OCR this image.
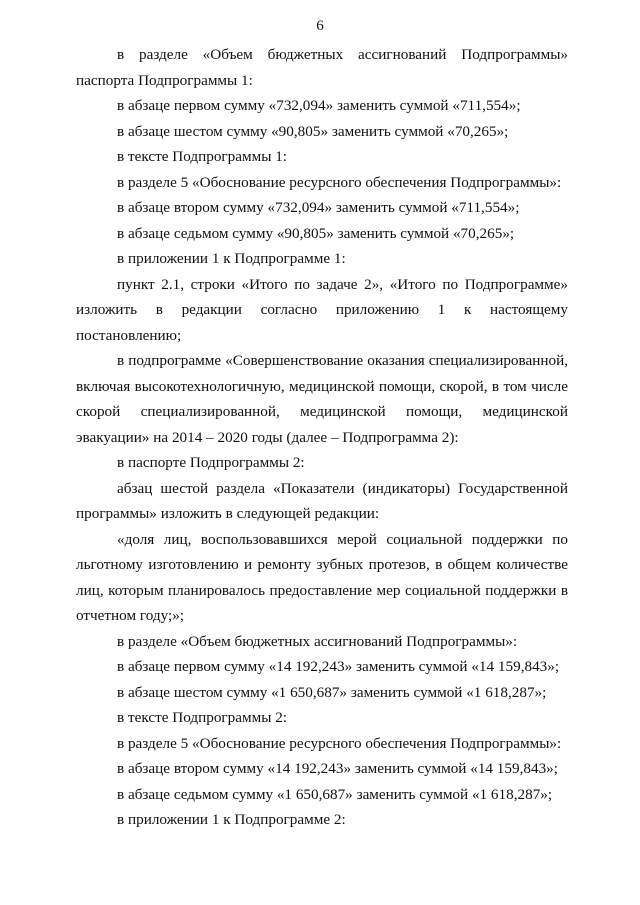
6

в разделе «Объем бюджетных ассигнований Подпрограммы» паспорта Подпрограммы 1:

в абзаце первом сумму «732,094» заменить суммой «711,554»;

в абзаце шестом сумму «90,805» заменить суммой «70,265»;

в тексте Подпрограммы 1:

в разделе 5 «Обоснование ресурсного обеспечения Подпрограммы»:

в абзаце втором сумму «732,094» заменить суммой «711,554»;

в абзаце седьмом сумму «90,805» заменить суммой «70,265»;

в приложении 1 к Подпрограмме 1:

пункт 2.1, строки «Итого по задаче 2», «Итого по Подпрограмме» изложить в редакции согласно приложению 1 к настоящему постановлению;

в подпрограмме «Совершенствование оказания специализированной, включая высокотехнологичную, медицинской помощи, скорой, в том числе скорой специализированной, медицинской помощи, медицинской эвакуации» на 2014 – 2020 годы (далее – Подпрограмма 2):

в паспорте Подпрограммы 2:

абзац шестой раздела «Показатели (индикаторы) Государственной программы» изложить в следующей редакции:

«доля лиц, воспользовавшихся мерой социальной поддержки по льготному изготовлению и ремонту зубных протезов, в общем количестве лиц, которым планировалось предоставление мер социальной поддержки в отчетном году;»;

в разделе «Объем бюджетных ассигнований Подпрограммы»:

в абзаце первом сумму «14 192,243» заменить суммой «14 159,843»;

в абзаце шестом сумму «1 650,687» заменить суммой «1 618,287»;

в тексте Подпрограммы 2:

в разделе 5 «Обоснование ресурсного обеспечения Подпрограммы»:

в абзаце втором сумму «14 192,243» заменить суммой «14 159,843»;

в абзаце седьмом сумму «1 650,687» заменить суммой «1 618,287»;

в приложении 1 к Подпрограмме 2:
